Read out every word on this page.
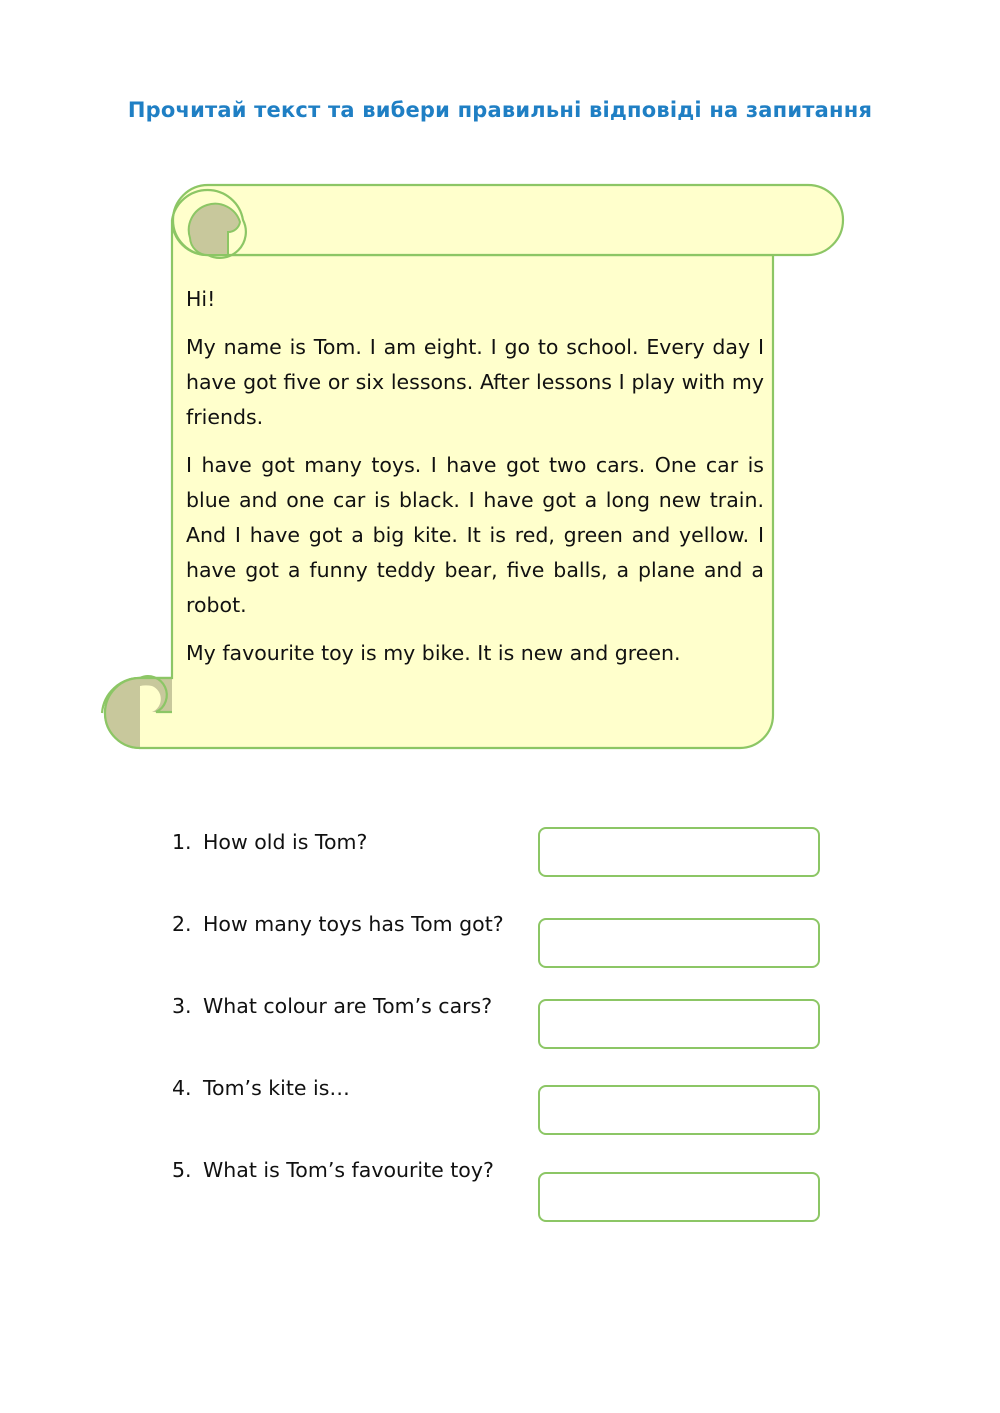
Прочитай текст та вибери правильні відповіді на запитання

Hi!

My name is Tom. I am eight. I go to school. Every day I have got five or six lessons. After lessons I play with my friends.

I have got many toys. I have got two cars. One car is blue and one car is black. I have got a long new train. And I have got a big kite. It is red, green and yellow. I have got a funny teddy bear, five balls, a plane and a robot.

My favourite toy is my bike. It is new and green.

1. How old is Tom?
2. How many toys has Tom got?
3. What colour are Tom’s cars?
4. Tom’s kite is…
5. What is Tom’s favourite toy?
